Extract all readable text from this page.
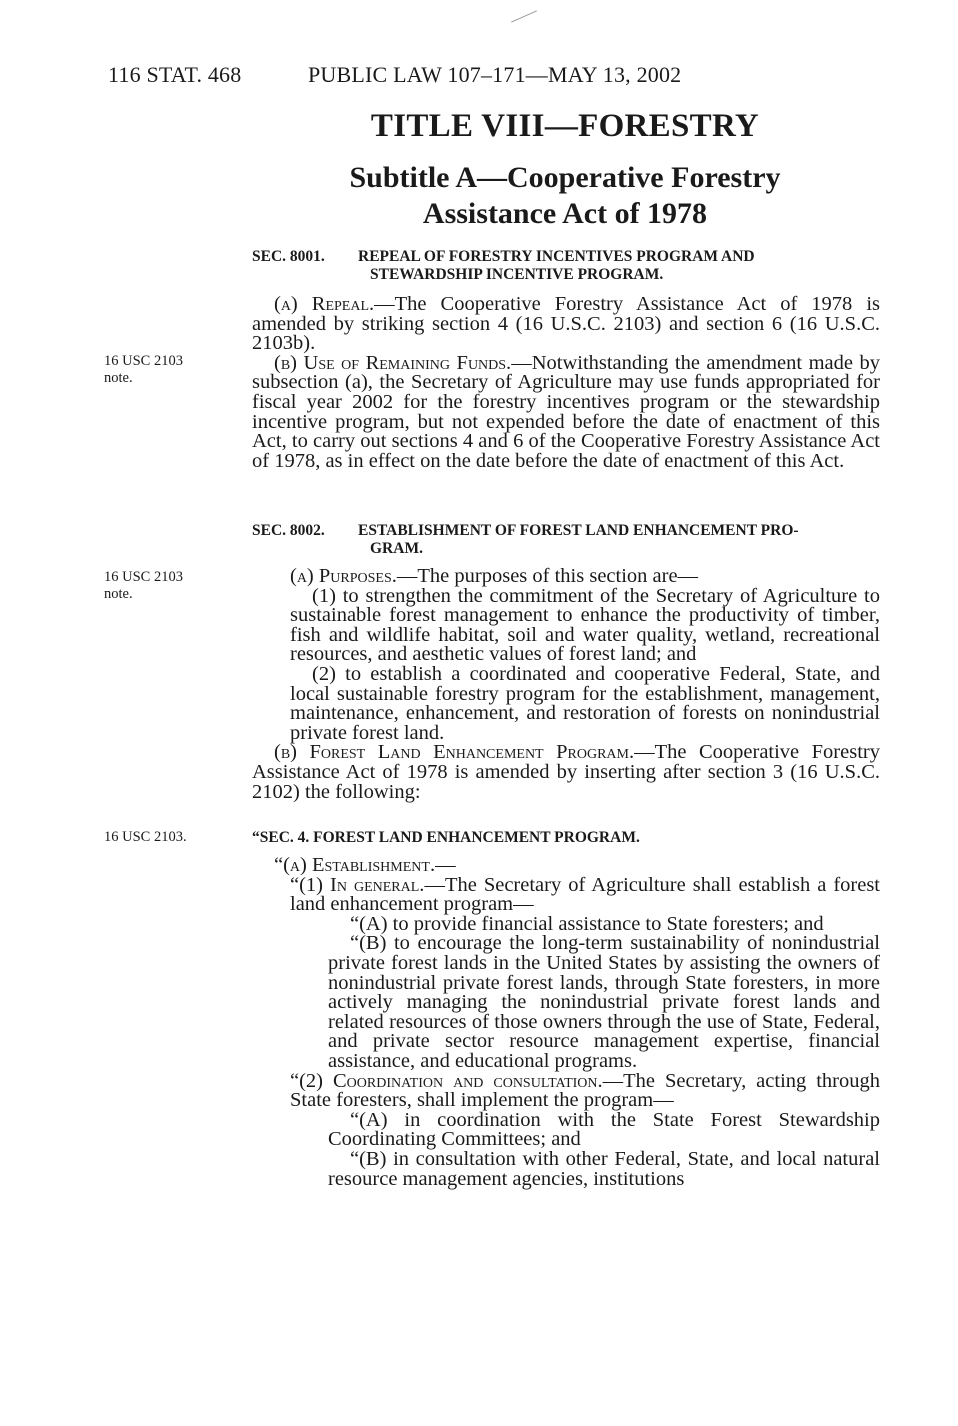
116 STAT. 468	PUBLIC LAW 107–171—MAY 13, 2002
TITLE VIII—FORESTRY
Subtitle A—Cooperative Forestry
Assistance Act of 1978
SEC. 8001. REPEAL OF FORESTRY INCENTIVES PROGRAM AND
STEWARDSHIP INCENTIVE PROGRAM.

(a) Repeal.—The Cooperative Forestry Assistance Act of 1978 is amended by striking section 4 (16 U.S.C. 2103) and section 6 (16 U.S.C. 2103b).

(b) Use of Remaining Funds.—Notwithstanding the amendment made by subsection (a), the Secretary of Agriculture may use funds appropriated for fiscal year 2002 for the forestry incentives program or the stewardship incentive program, but not expended before the date of enactment of this Act, to carry out sections 4 and 6 of the Cooperative Forestry Assistance Act of 1978, as in effect on the date before the date of enactment of this Act.

16 USC 2103
note.
SEC. 8002. ESTABLISHMENT OF FOREST LAND ENHANCEMENT PRO-
GRAM.

(a) Purposes.—The purposes of this section are—

(1) to strengthen the commitment of the Secretary of Agriculture to sustainable forest management to enhance the productivity of timber, fish and wildlife habitat, soil and water quality, wetland, recreational resources, and aesthetic values of forest land; and

(2) to establish a coordinated and cooperative Federal, State, and local sustainable forestry program for the establishment, management, maintenance, enhancement, and restoration of forests on nonindustrial private forest land.

(b) Forest Land Enhancement Program.—The Cooperative Forestry Assistance Act of 1978 is amended by inserting after section 3 (16 U.S.C. 2102) the following:

16 USC 2103
note.
“SEC. 4. FOREST LAND ENHANCEMENT PROGRAM.
16 USC 2103.

“(a) Establishment.—

“(1) In general.—The Secretary of Agriculture shall establish a forest land enhancement program—

“(A) to provide financial assistance to State foresters; and

“(B) to encourage the long-term sustainability of nonindustrial private forest lands in the United States by assisting the owners of nonindustrial private forest lands, through State foresters, in more actively managing the nonindustrial private forest lands and related resources of those owners through the use of State, Federal, and private sector resource management expertise, financial assistance, and educational programs.

“(2) Coordination and consultation.—The Secretary, acting through State foresters, shall implement the program—

“(A) in coordination with the State Forest Stewardship Coordinating Committees; and

“(B) in consultation with other Federal, State, and local natural resource management agencies, institutions
